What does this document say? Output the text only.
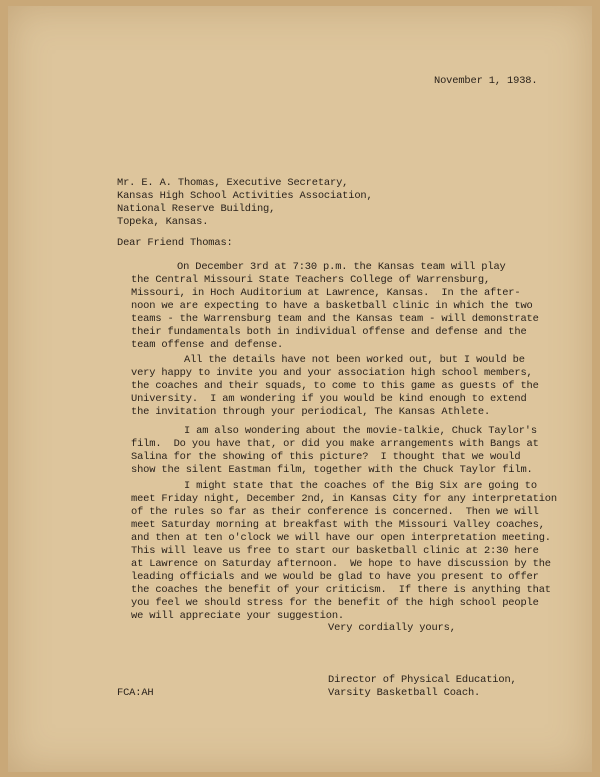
November 1, 1938.
Mr. E. A. Thomas, Executive Secretary,
Kansas High School Activities Association,
National Reserve Building,
Topeka, Kansas.
Dear Friend Thomas:
On December 3rd at 7:30 p.m. the Kansas team will play
the Central Missouri State Teachers College of Warrensburg,
Missouri, in Hoch Auditorium at Lawrence, Kansas.  In the after-
noon we are expecting to have a basketball clinic in which the two
teams - the Warrensburg team and the Kansas team - will demonstrate
their fundamentals both in individual offense and defense and the
team offense and defense.
All the details have not been worked out, but I would be
very happy to invite you and your association high school members,
the coaches and their squads, to come to this game as guests of the
University.  I am wondering if you would be kind enough to extend
the invitation through your periodical, The Kansas Athlete.
I am also wondering about the movie-talkie, Chuck Taylor's
film.  Do you have that, or did you make arrangements with Bangs at
Salina for the showing of this picture?  I thought that we would
show the silent Eastman film, together with the Chuck Taylor film.
I might state that the coaches of the Big Six are going to
meet Friday night, December 2nd, in Kansas City for any interpretation
of the rules so far as their conference is concerned.  Then we will
meet Saturday morning at breakfast with the Missouri Valley coaches,
and then at ten o'clock we will have our open interpretation meeting.
This will leave us free to start our basketball clinic at 2:30 here
at Lawrence on Saturday afternoon.  We hope to have discussion by the
leading officials and we would be glad to have you present to offer
the coaches the benefit of your criticism.  If there is anything that
you feel we should stress for the benefit of the high school people
we will appreciate your suggestion.
Very cordially yours,
Director of Physical Education,
Varsity Basketball Coach.
FCA:AH
